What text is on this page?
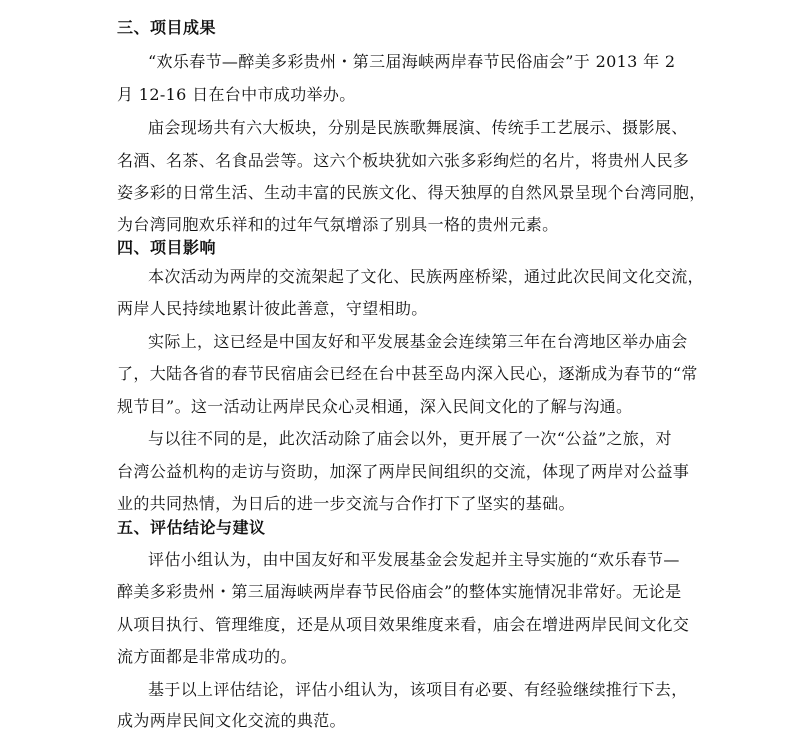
三、项目成果
“欢乐春节—醉美多彩贵州・第三届海峡两岸春节民俗庙会”于 2013 年 2
月 12-16 日在台中市成功举办。
庙会现场共有六大板块，分别是民族歌舞展演、传统手工艺展示、摄影展、
名酒、名茶、名食品尝等。这六个板块犹如六张多彩绚烂的名片，将贵州人民多
姿多彩的日常生活、生动丰富的民族文化、得天独厚的自然风景呈现个台湾同胞，
为台湾同胞欢乐祥和的过年气氛增添了别具一格的贵州元素。
四、项目影响
本次活动为两岸的交流架起了文化、民族两座桥梁，通过此次民间文化交流，
两岸人民持续地累计彼此善意，守望相助。
实际上，这已经是中国友好和平发展基金会连续第三年在台湾地区举办庙会
了，大陆各省的春节民宿庙会已经在台中甚至岛内深入民心，逐渐成为春节的“常
规节目”。这一活动让两岸民众心灵相通，深入民间文化的了解与沟通。
与以往不同的是，此次活动除了庙会以外，更开展了一次“公益”之旅，对
台湾公益机构的走访与资助，加深了两岸民间组织的交流，体现了两岸对公益事
业的共同热情，为日后的进一步交流与合作打下了坚实的基础。
五、评估结论与建议
评估小组认为，由中国友好和平发展基金会发起并主导实施的“欢乐春节—
醉美多彩贵州・第三届海峡两岸春节民俗庙会”的整体实施情况非常好。无论是
从项目执行、管理维度，还是从项目效果维度来看，庙会在增进两岸民间文化交
流方面都是非常成功的。
基于以上评估结论，评估小组认为，该项目有必要、有经验继续推行下去，
成为两岸民间文化交流的典范。
